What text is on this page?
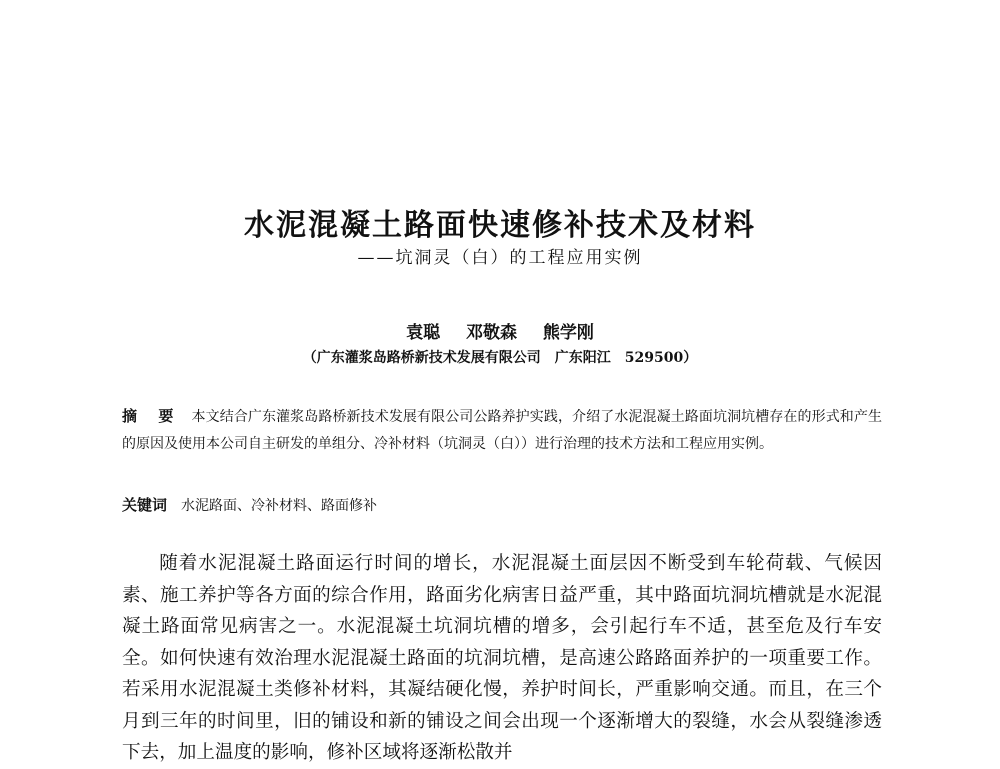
水泥混凝土路面快速修补技术及材料
——坑洞灵（白）的工程应用实例
袁聪 邓敬森 熊学刚
（广东灌浆岛路桥新技术发展有限公司　广东阳江　529500）
摘 要 本文结合广东灌浆岛路桥新技术发展有限公司公路养护实践，介绍了水泥混凝土路面坑洞坑槽存在的形式和产生的原因及使用本公司自主研发的单组分、冷补材料（坑洞灵（白））进行治理的技术方法和工程应用实例。
关键词 水泥路面、冷补材料、路面修补
随着水泥混凝土路面运行时间的增长，水泥混凝土面层因不断受到车轮荷载、气候因素、施工养护等各方面的综合作用，路面劣化病害日益严重，其中路面坑洞坑槽就是水泥混凝土路面常见病害之一。水泥混凝土坑洞坑槽的增多，会引起行车不适，甚至危及行车安全。如何快速有效治理水泥混凝土路面的坑洞坑槽，是高速公路路面养护的一项重要工作。若采用水泥混凝土类修补材料，其凝结硬化慢，养护时间长，严重影响交通。而且，在三个月到三年的时间里，旧的铺设和新的铺设之间会出现一个逐渐增大的裂缝，水会从裂缝渗透下去，加上温度的影响，修补区域将逐渐松散并
